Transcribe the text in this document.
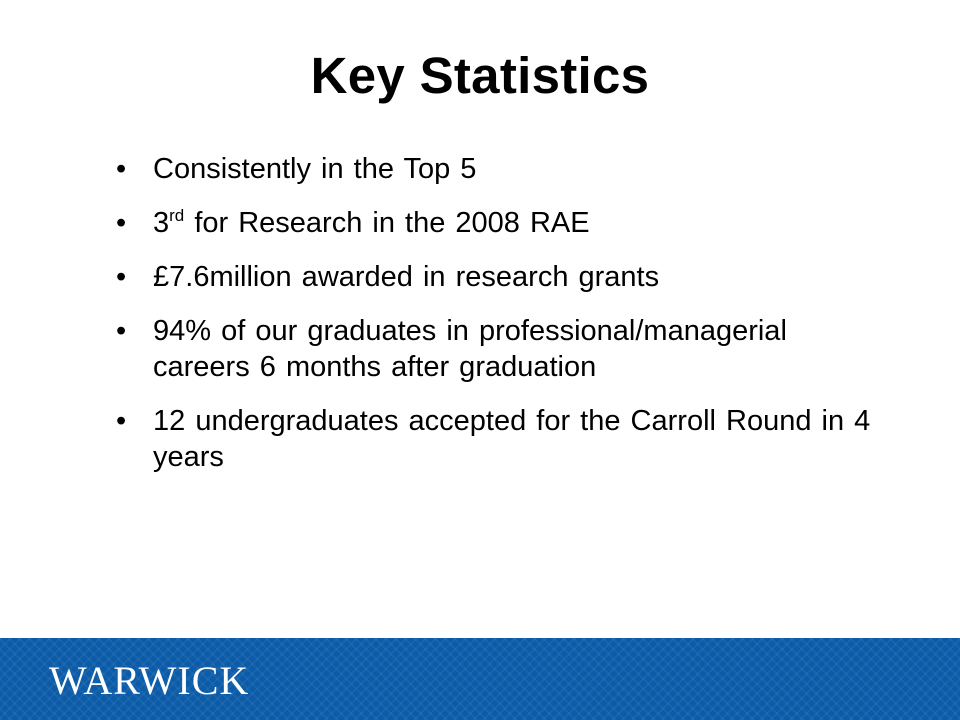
Key Statistics
• Consistently in the Top 5
• 3rd for Research in the 2008 RAE
• £7.6million awarded in research grants
• 94% of our graduates in professional/managerial careers 6 months after graduation
• 12 undergraduates accepted for the Carroll Round in 4 years
WARWICK
